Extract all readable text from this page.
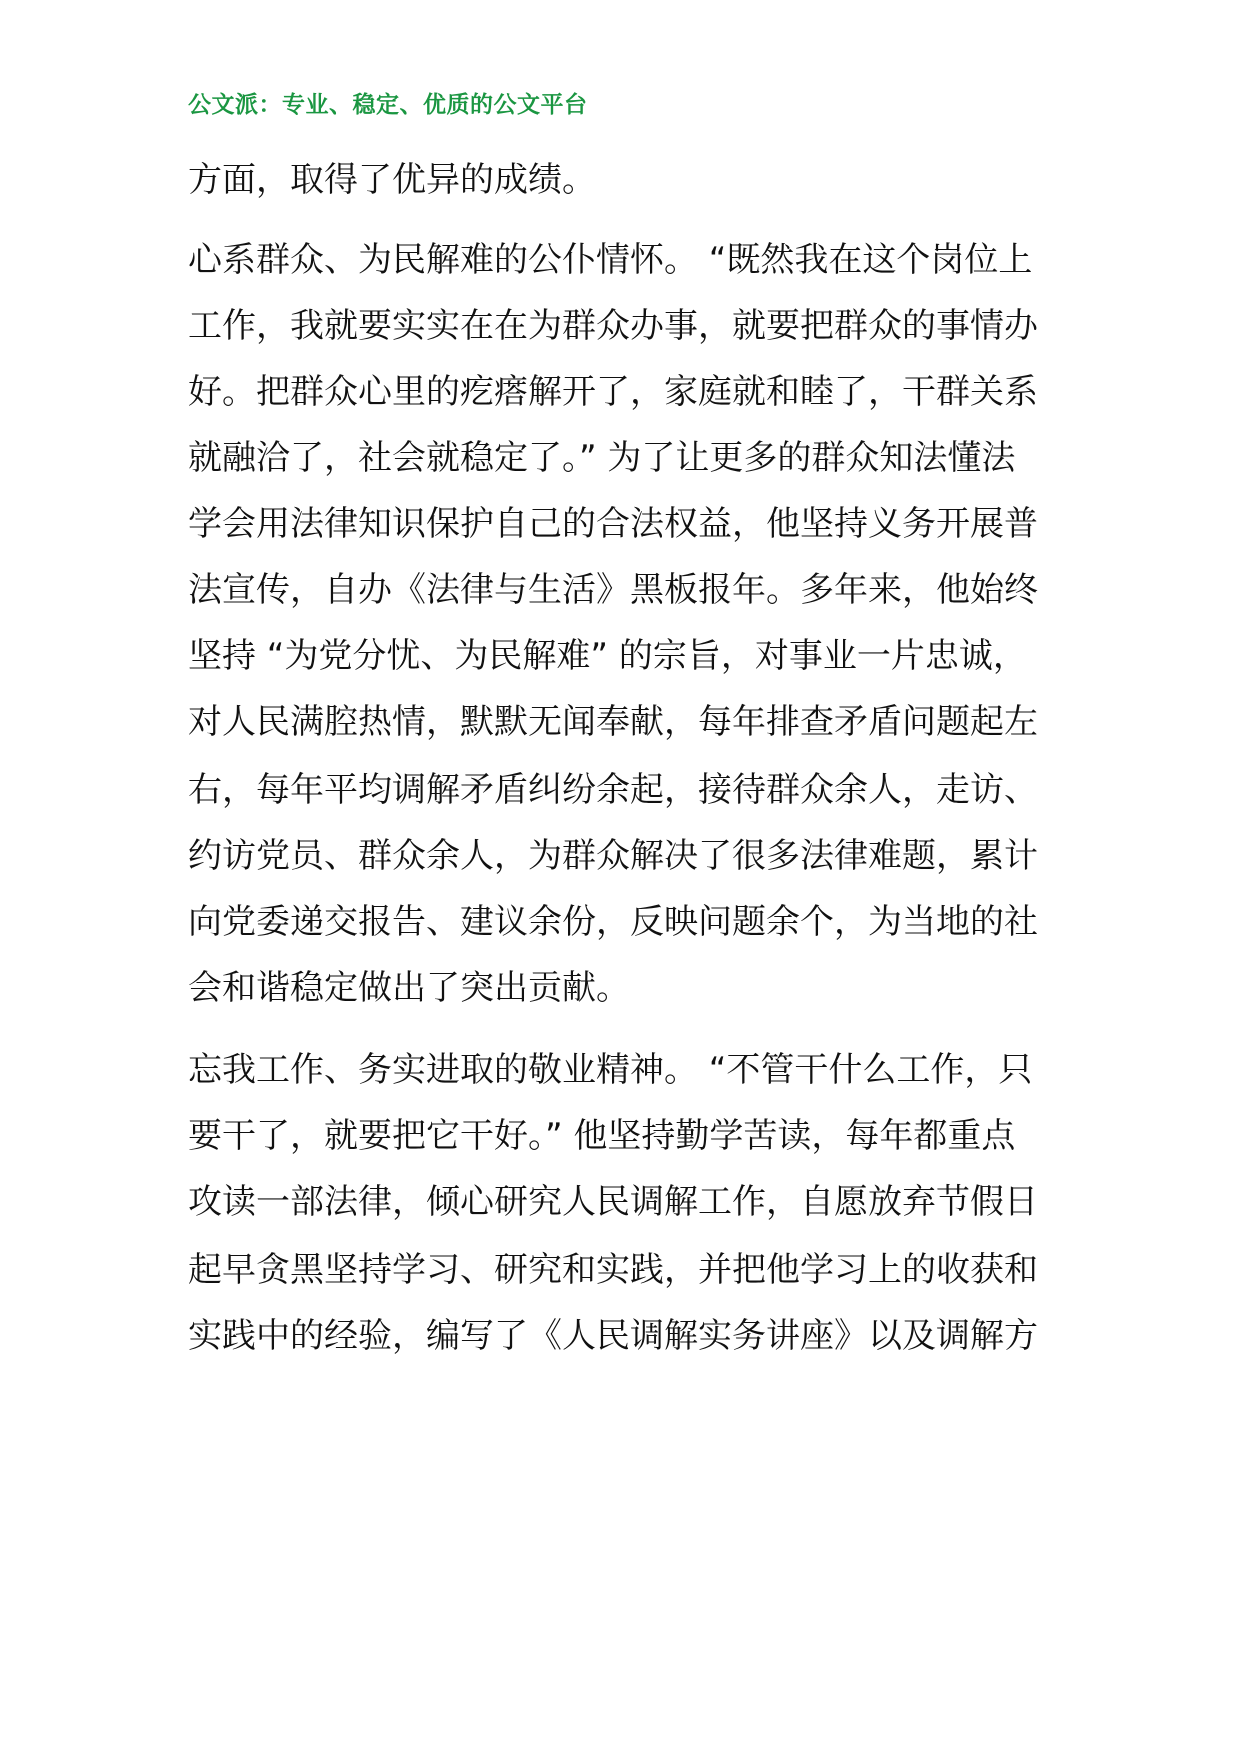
公文派：专业、稳定、优质的公文平台
方面，取得了优异的成绩。
心系群众、为民解难的公仆情怀。 “既然我在这个岗位上
工作，我就要实实在在为群众办事，就要把群众的事情办
好。把群众心里的疙瘩解开了，家庭就和睦了，干群关系
就融洽了，社会就稳定了。” 为了让更多的群众知法懂法
学会用法律知识保护自己的合法权益，他坚持义务开展普
法宣传，自办《法律与生活》黑板报年。多年来，他始终
坚持 “为党分忧、为民解难” 的宗旨，对事业一片忠诚，
对人民满腔热情，默默无闻奉献，每年排查矛盾问题起左
右，每年平均调解矛盾纠纷余起，接待群众余人，走访、
约访党员、群众余人，为群众解决了很多法律难题，累计
向党委递交报告、建议余份，反映问题余个，为当地的社
会和谐稳定做出了突出贡献。
忘我工作、务实进取的敬业精神。 “不管干什么工作，只
要干了，就要把它干好。” 他坚持勤学苦读，每年都重点
攻读一部法律，倾心研究人民调解工作，自愿放弃节假日
起早贪黑坚持学习、研究和实践，并把他学习上的收获和
实践中的经验，编写了《人民调解实务讲座》以及调解方
